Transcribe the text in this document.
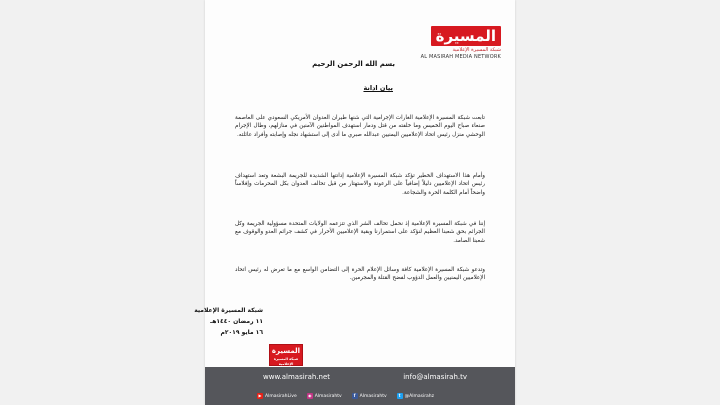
المسيرة
شبكة المسيرة الإعلامية
AL MASIRAH MEDIA NETWORK
بسم الله الرحمن الرحيم
بيان ادانة
تابعت شبكة المسيرة الإعلامية الغارات الإجرامية التي شنها طيران العدوان الأمريكي السعودي على العاصمة صنعاء صباح اليوم الخميس وما خلفته من قتل ودمار استهدف المواطنين الآمنين في منازلهم، وطال الإجرام الوحشي منزل رئيس اتحاد الإعلاميين اليمنيين عبدالله صبري ما أدى إلى استشهاد نجله وإصابته وأفراد عائلته.
وأمام هذا الاستهداف الخطير تؤكد شبكة المسيرة الإعلامية إدانتها الشديدة للجريمة البشعة وتعد استهداف رئيس اتحاد الإعلاميين دليلاً إضافياً على الرعونة والاستهتار من قبل تحالف العدوان بكل المحرمات وإفلاساً واضحاً أمام الكلمة الحرة والشجاعة.
إننا في شبكة المسيرة الإعلامية إذ نحمل تحالف الشر الذي تتزعمه الولايات المتحدة مسؤولية الجريمة وكل الجرائم بحق شعبنا العظيم لنؤكد على استمرارنا وبقية الإعلاميين الأحرار في كشف جرائم العدو والوقوف مع شعبنا الصامد.
وتدعو شبكة المسيرة الإعلامية كافة وسائل الإعلام الحرة إلى التضامن الواسع مع ما تعرض له رئيس اتحاد الإعلاميين اليمنيين والعمل الدؤوب لفضح القتلة والمجرمين.
شبكة المسيرة الإعلامية
١١ رمضان ١٤٤٠هـ
١٦ مايو ٢٠١٩م
المسيرة
شبكة المسيرة الإعلامية
www.almasirah.net	info@almasirah.tv
▶ AlmasirahLive	◉ Almasirahtv	f Almasirahtv	t @Almasirahz
